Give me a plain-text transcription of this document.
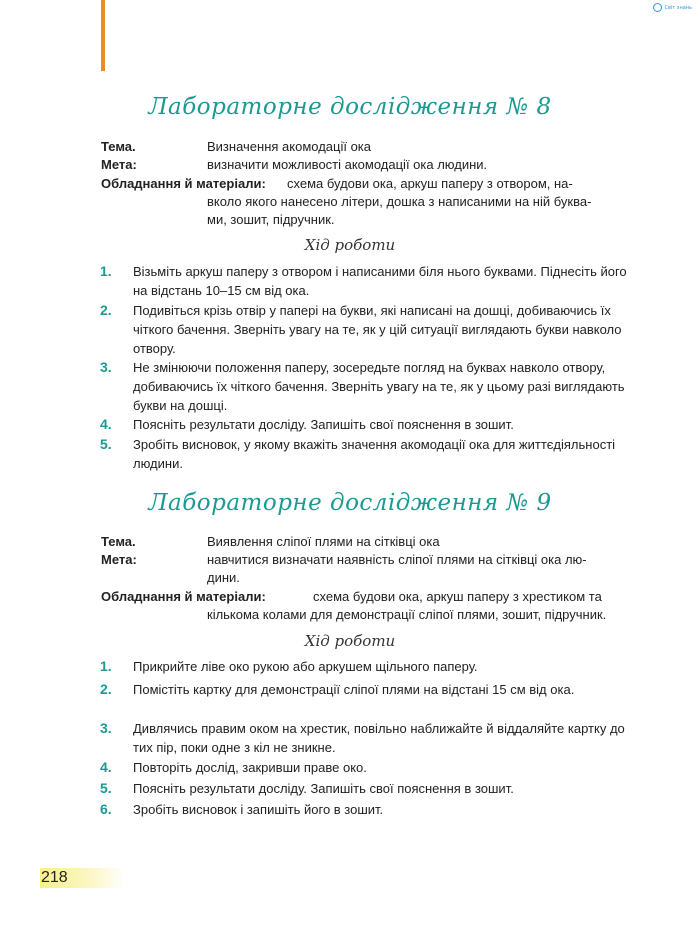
Світ знань
Лабораторне дослідження № 8
Тема.	Визначення акомодації ока
Мета:	визначити можливості акомодації ока людини.
Обладнання й матеріали: схема будови ока, аркуш паперу з отвором, на-
вколо якого нанесено літери, дошка з написаними на ній буква-
ми, зошит, підручник.
Хід роботи
1. Візьміть аркуш паперу з отвором і написаними біля нього буквами. Піднесіть його на відстань 10–15 см від ока.
2. Подивіться крізь отвір у папері на букви, які написані на дошці, добиваючись їх чіткого бачення. Зверніть увагу на те, як у цій ситуації виглядають букви навколо отвору.
3. Не змінюючи положення паперу, зосередьте погляд на буквах навколо отвору, добиваючись їх чіткого бачення. Зверніть увагу на те, як у цьому разі виглядають букви на дошці.
4. Поясніть результати досліду. Запишіть свої пояснення в зошит.
5. Зробіть висновок, у якому вкажіть значення акомодації ока для життєдіяльності людини.
Лабораторне дослідження № 9
Тема.	Виявлення сліпої плями на сітківці ока
Мета:	навчитися визначати наявність сліпої плями на сітківці ока лю-
дини.
Обладнання й матеріали:	схема будови ока, аркуш паперу з хрестиком та
кількома колами для демонстрації сліпої плями, зошит, підручник.
Хід роботи
1. Прикрийте ліве око рукою або аркушем щільного паперу.
2. Помістіть картку для демонстрації сліпої плями на відстані 15 см від ока.
3. Дивлячись правим оком на хрестик, повільно наближайте й віддаляйте картку до тих пір, поки одне з кіл не зникне.
4. Повторіть дослід, закривши праве око.
5. Поясніть результати досліду. Запишіть свої пояснення в зошит.
6. Зробіть висновок і запишіть його в зошит.
218
